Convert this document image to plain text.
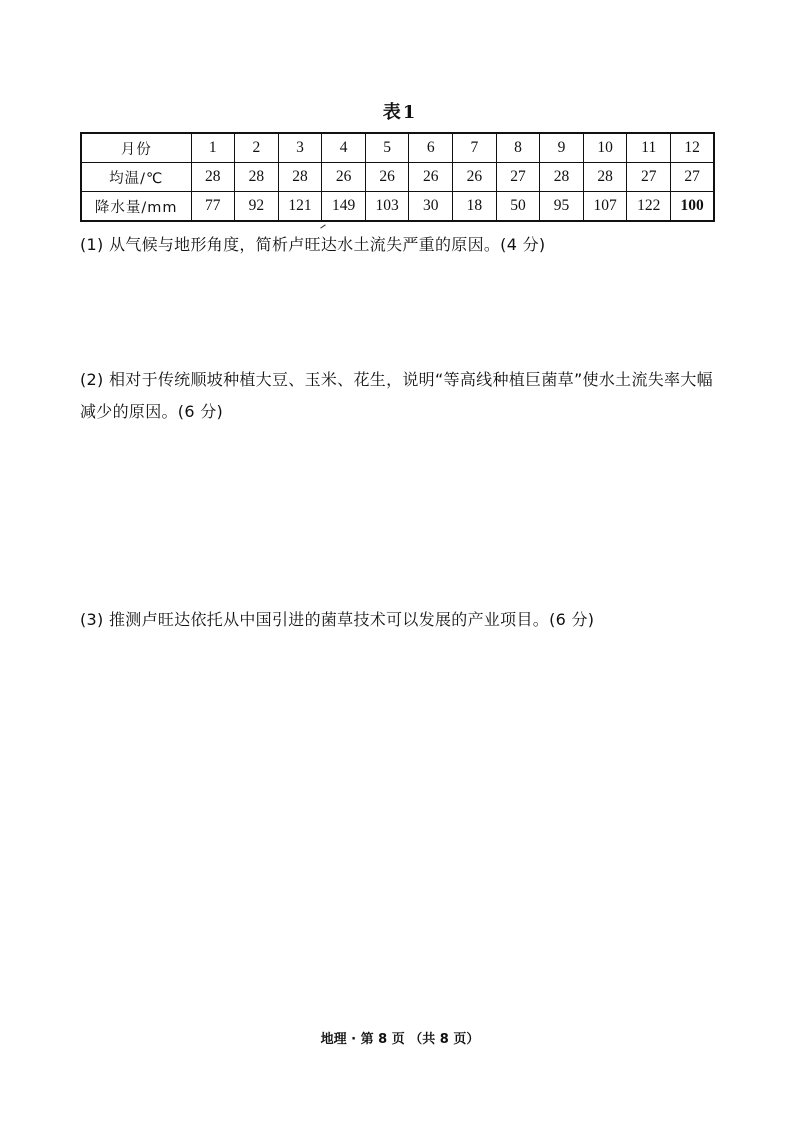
表1
月份	1	2	3	4	5	6	7	8	9	10	11	12
均温/℃	28	28	28	26	26	26	26	27	28	28	27	27
降水量/mm	77	92	121	149	103	30	18	50	95	107	122	100
(1) 从气候与地形角度，简析卢旺达水土流失严重的原因。(4 分)
(2) 相对于传统顺坡种植大豆、玉米、花生，说明“等高线种植巨菌草”使水土流失率大幅减少的原因。(6 分)
(3) 推测卢旺达依托从中国引进的菌草技术可以发展的产业项目。(6 分)
地理 · 第 8 页 （共 8 页）
